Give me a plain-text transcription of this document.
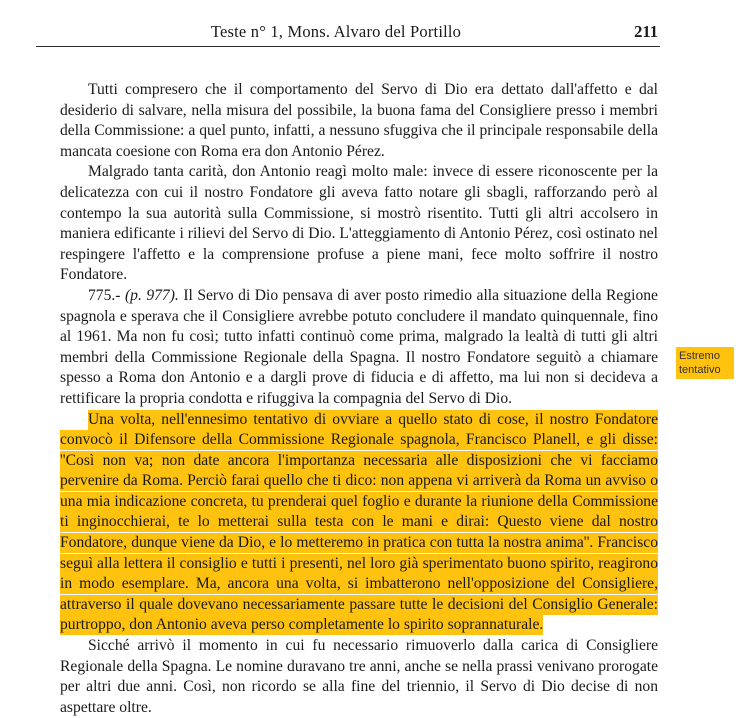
Teste n° 1, Mons. Alvaro del Portillo	211

Tutti compresero che il comportamento del Servo di Dio era dettato dall'affetto e dal desiderio di salvare, nella misura del possibile, la buona fama del Consigliere presso i membri della Commissione: a quel punto, infatti, a nessuno sfuggiva che il principale responsabile della mancata coesione con Roma era don Antonio Pérez.

Malgrado tanta carità, don Antonio reagì molto male: invece di essere riconoscente per la delicatezza con cui il nostro Fondatore gli aveva fatto notare gli sbagli, rafforzando però al contempo la sua autorità sulla Commissione, si mostrò risentito. Tutti gli altri accolsero in maniera edificante i rilievi del Servo di Dio. L'atteggiamento di Antonio Pérez, così ostinato nel respingere l'affetto e la comprensione profuse a piene mani, fece molto soffrire il nostro Fondatore.

775.- (p. 977). Il Servo di Dio pensava di aver posto rimedio alla situazione della Regione spagnola e sperava che il Consigliere avrebbe potuto concludere il mandato quinquennale, fino al 1961. Ma non fu così; tutto infatti continuò come prima, malgrado la lealtà di tutti gli altri membri della Commissione Regionale della Spagna. Il nostro Fondatore seguitò a chiamare spesso a Roma don Antonio e a dargli prove di fiducia e di affetto, ma lui non si decideva a rettificare la propria condotta e rifuggiva la compagnia del Servo di Dio.

Una volta, nell'ennesimo tentativo di ovviare a quello stato di cose, il nostro Fondatore convocò il Difensore della Commissione Regionale spagnola, Francisco Planell, e gli disse: ''Così non va; non date ancora l'importanza necessaria alle disposizioni che vi facciamo pervenire da Roma. Perciò farai quello che ti dico: non appena vi arriverà da Roma un avviso o una mia indicazione concreta, tu prenderai quel foglio e durante la riunione della Commissione ti inginocchierai, te lo metterai sulla testa con le mani e dirai: Questo viene dal nostro Fondatore, dunque viene da Dio, e lo metteremo in pratica con tutta la nostra anima''. Francisco seguì alla lettera il consiglio e tutti i presenti, nel loro già sperimentato buono spirito, reagirono in modo esemplare. Ma, ancora una volta, si imbatterono nell'opposizione del Consigliere, attraverso il quale dovevano necessariamente passare tutte le decisioni del Consiglio Generale: purtroppo, don Antonio aveva perso completamente lo spirito soprannaturale.

Sicché arrivò il momento in cui fu necessario rimuoverlo dalla carica di Consigliere Regionale della Spagna. Le nomine duravano tre anni, anche se nella prassi venivano prorogate per altri due anni. Così, non ricordo se alla fine del triennio, il Servo di Dio decise di non aspettare oltre.

Estremo tentativo
